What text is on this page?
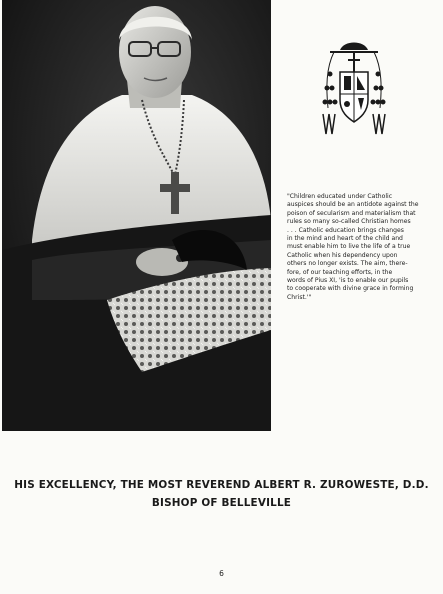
"Children educated under Catholic
auspices should be an antidote against the
poison of secularism and materialism that
rules so many so-called Christian homes
. . . Catholic education brings changes
in the mind and heart of the child and
must enable him to live the life of a true
Catholic when his dependency upon
others no longer exists. The aim, there-
fore, of our teaching efforts, in the
words of Pius XI, 'is to enable our pupils
to cooperate with divine grace in forming
Christ.'"

HIS EXCELLENCY, THE MOST REVEREND ALBERT R. ZUROWESTE, D.D.
BISHOP OF BELLEVILLE
6
